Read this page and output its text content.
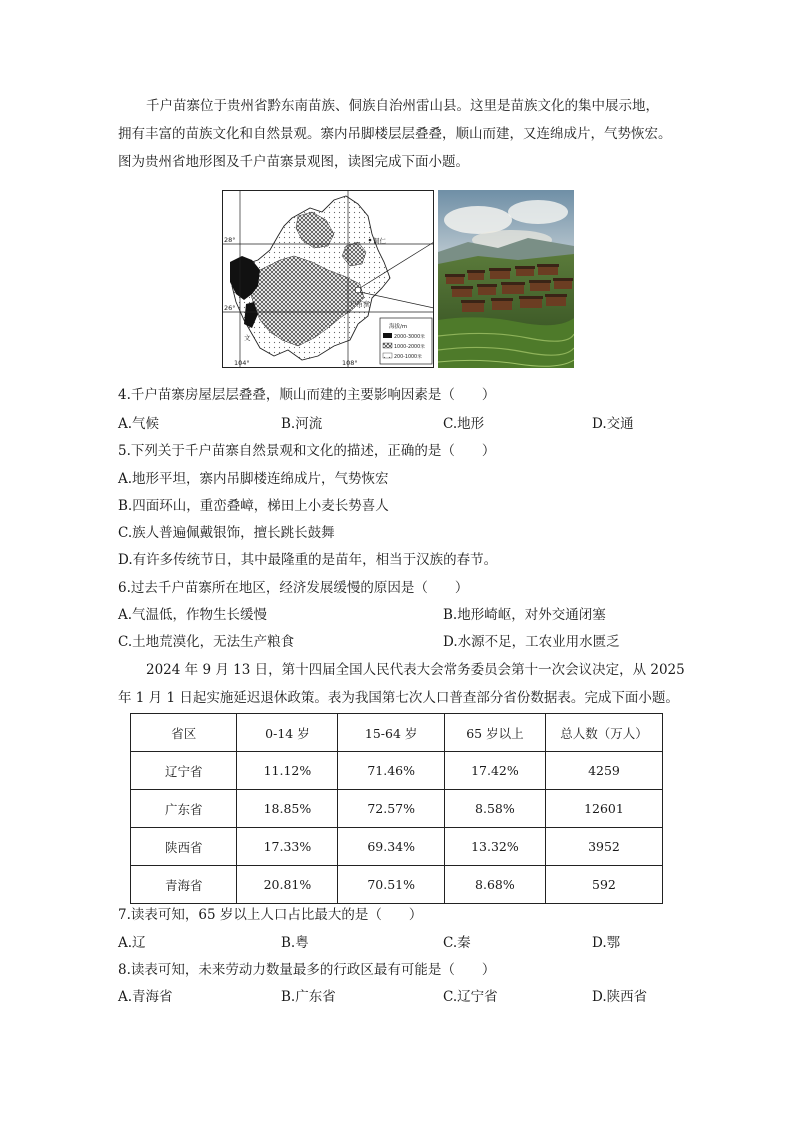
千户苗寨位于贵州省黔东南苗族、侗族自治州雷山县。这里是苗族文化的集中展示地，

拥有丰富的苗族文化和自然景观。寨内吊脚楼层层叠叠，顺山而建，又连绵成片，气势恢宏。

图为贵州省地形图及千户苗寨景观图，读图完成下面小题。

28°
26°
104°	108°
铜仁
文
户苗寨
海拔/m
2000-3000米
1000-2000米
200-1000米
4.千户苗寨房屋层层叠叠，顺山而建的主要影响因素是（　　）
A.气候	B.河流	C.地形	D.交通
5.下列关于千户苗寨自然景观和文化的描述，正确的是（　　）
A.地形平坦，寨内吊脚楼连绵成片，气势恢宏
B.四面环山，重峦叠嶂，梯田上小麦长势喜人
C.族人普遍佩戴银饰，擅长跳长鼓舞
D.有许多传统节日，其中最隆重的是苗年，相当于汉族的春节。
6.过去千户苗寨所在地区，经济发展缓慢的原因是（　　）
A.气温低，作物生长缓慢	B.地形崎岖，对外交通闭塞
C.土地荒漠化，无法生产粮食	D.水源不足，工农业用水匮乏

2024 年 9 月 13 日，第十四届全国人民代表大会常务委员会第十一次会议决定，从 2025

年 1 月 1 日起实施延迟退休政策。表为我国第七次人口普查部分省份数据表。完成下面小题。

省区	0-14 岁	15-64 岁	65 岁以上	总人数（万人）
辽宁省	11.12%	71.46%	17.42%	4259
广东省	18.85%	72.57%	8.58%	12601
陕西省	17.33%	69.34%	13.32%	3952
青海省	20.81%	70.51%	8.68%	592
7.读表可知，65 岁以上人口占比最大的是（　　）
A.辽	B.粤	C.秦	D.鄂
8.读表可知，未来劳动力数量最多的行政区最有可能是（　　）
A.青海省	B.广东省	C.辽宁省	D.陕西省
